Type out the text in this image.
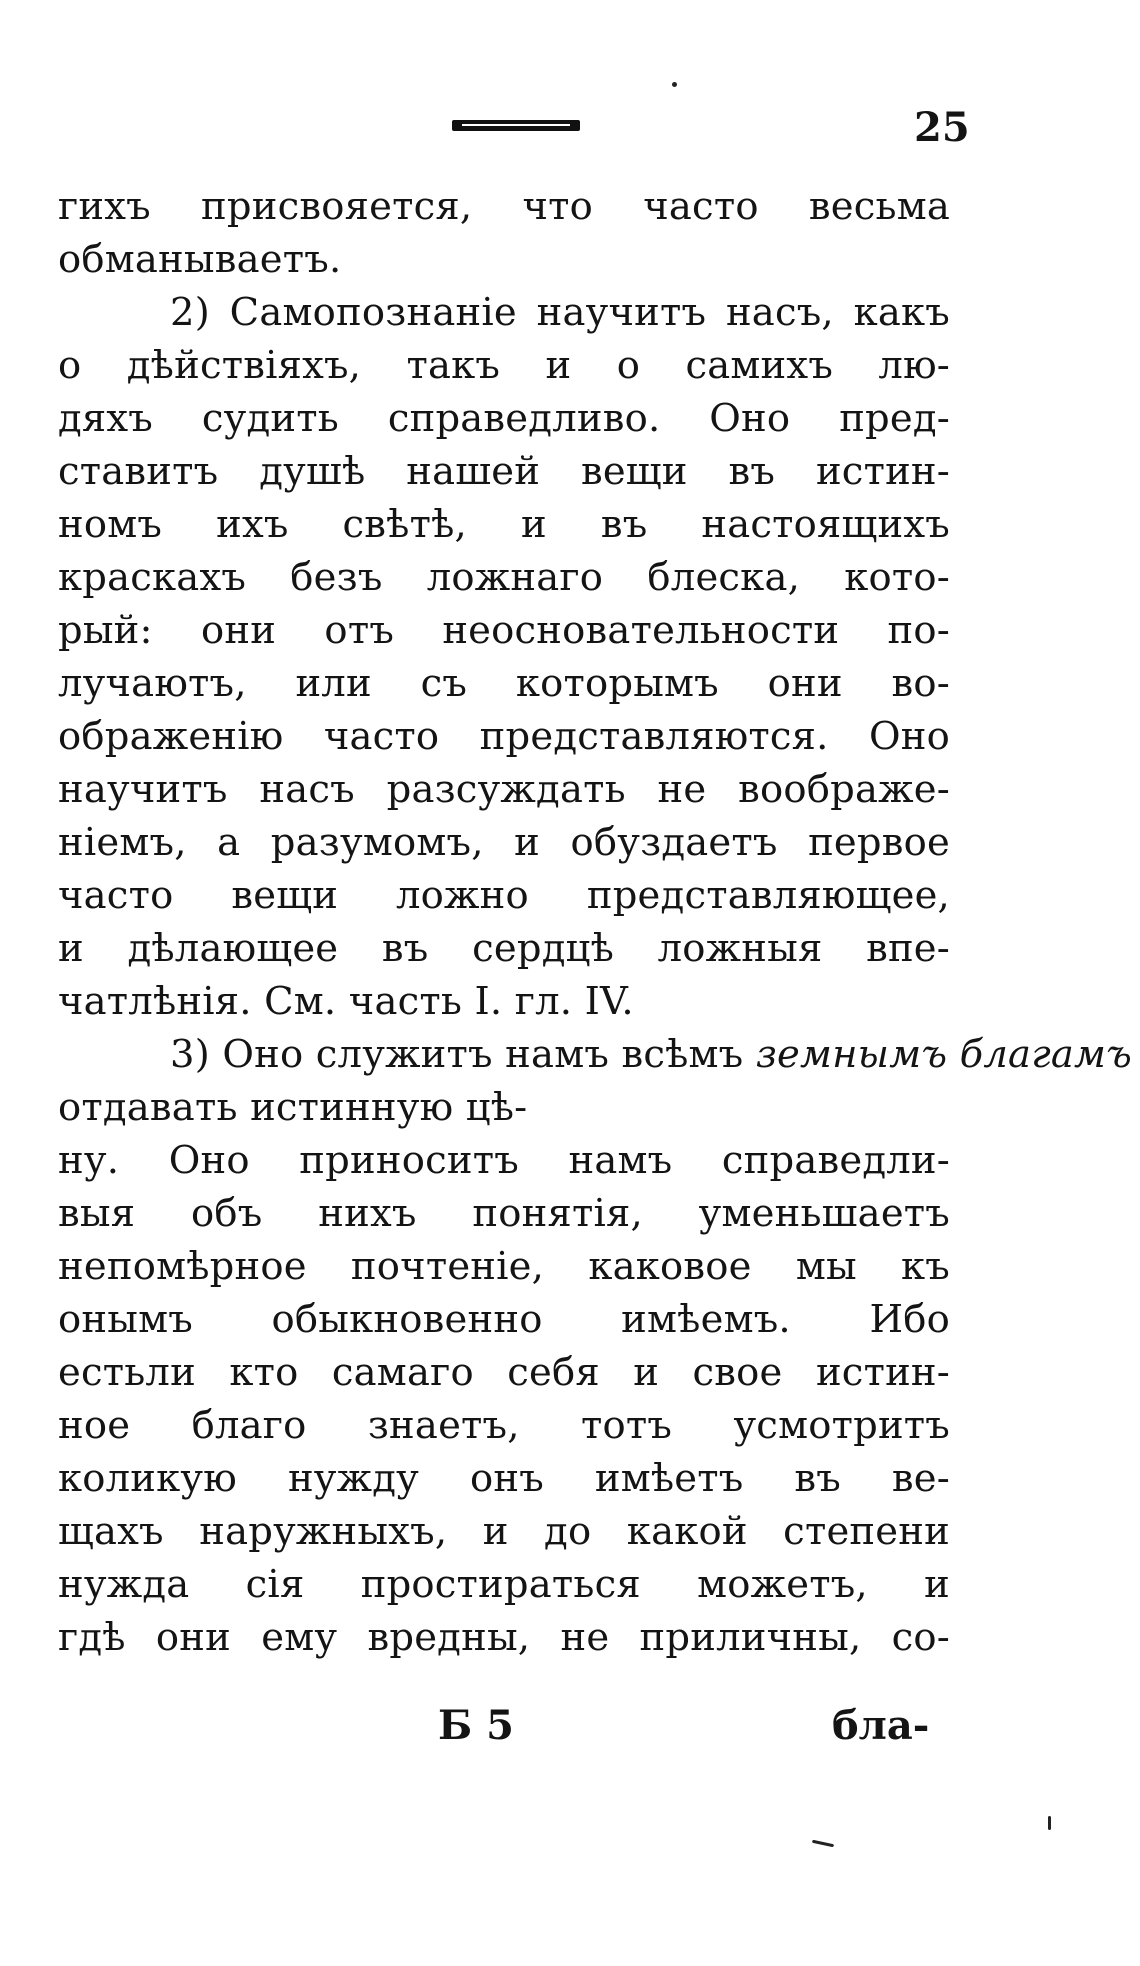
25
гихъ присвояется, что часто весьма
обманываетъ.
2) Самопознаніе научитъ насъ, какъ
о дѣйствіяхъ, такъ и о самихъ лю-
дяхъ судить справедливо. Оно пред-
ставитъ душѣ нашей вещи въ истин-
номъ ихъ свѣтѣ, и въ настоящихъ
краскахъ безъ ложнаго блеска, кото-
рый: они отъ неосновательности по-
лучаютъ, или съ которымъ они во-
ображенію часто представляются. Оно
научитъ насъ разсуждать не воображе-
ніемъ, а разумомъ, и обуздаетъ первое
часто вещи ложно представляющее,
и дѣлающее въ сердцѣ ложныя впе-
чатлѣнія. См. часть I. гл. IV.
3) Оно служитъ намъ всѣмъ земнымъ благамъ
отдавать истинную цѣ-
ну. Оно приноситъ намъ справедли-
выя объ нихъ понятія, уменьшаетъ
непомѣрное почтеніе, каковое мы къ
онымъ обыкновенно имѣемъ. Ибо
естьли кто самаго себя и свое истин-
ное благо знаетъ, тотъ усмотритъ
коликую нужду онъ имѣетъ въ ве-
щахъ наружныхъ, и до какой степени
нужда сія простираться можетъ, и
гдѣ они ему вредны, не приличны, со-
Б 5	бла-
